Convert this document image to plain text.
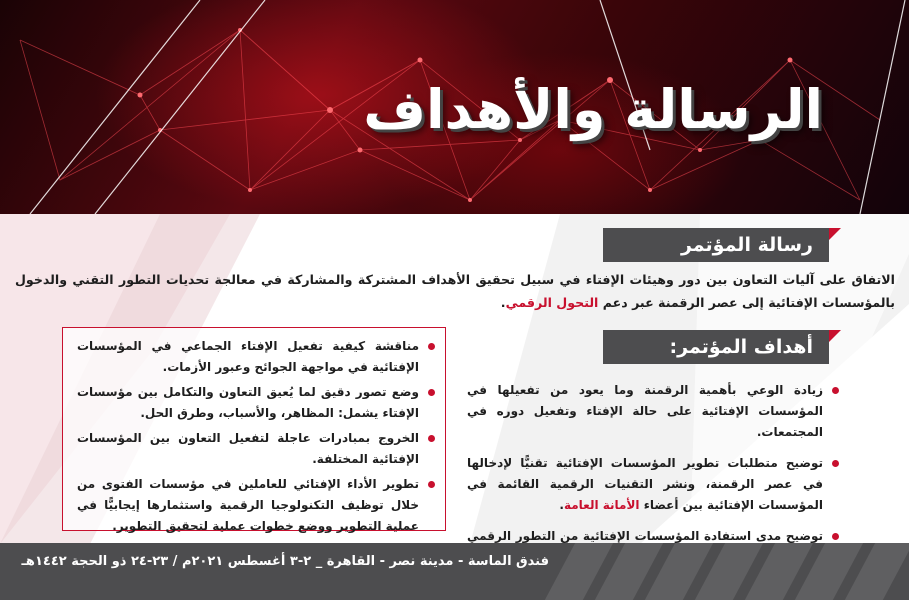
الرسالة والأهداف
رسالة المؤتمر

الاتفاق على آليات التعاون بين دور وهيئات الإفتاء في سبيل تحقيق الأهداف المشتركة والمشاركة في معالجة تحديات التطور التقني والدخول بالمؤسسات الإفتائية إلى عصر الرقمنة عبر دعم التحول الرقمي.

أهداف المؤتمر:
زيادة الوعي بأهمية الرقمنة وما يعود من تفعيلها في المؤسسات الإفتائية على حالة الإفتاء وتفعيل دوره في المجتمعات.
توضيح متطلبات تطوير المؤسسات الإفتائية تقنيًّا لإدخالها في عصر الرقمنة، ونشر التقنيات الرقمية القائمة في المؤسسات الإفتائية بين أعضاء الأمانة العامة.
توضيح مدى استفادة المؤسسات الإفتائية من التطور الرقمي
مناقشة كيفية تفعيل الإفتاء الجماعي في المؤسسات الإفتائية في مواجهة الجوائح وعبور الأزمات.
وضع تصور دقيق لما يُعيق التعاون والتكامل بين مؤسسات الإفتاء يشمل: المظاهر، والأسباب، وطرق الحل.
الخروج بمبادرات عاجلة لتفعيل التعاون بين المؤسسات الإفتائية المختلفة.
تطوير الأداء الإفتائي للعاملين في مؤسسات الفتوى من خلال توظيف التكنولوجيا الرقمية واستثمارها إيجابيًّا في عملية التطوير ووضع خطوات عملية لتحقيق التطوير.
فندق الماسة - مدينة نصر - القاهرة _ ٢-٣ أغسطس ٢٠٢١م / ٢٣-٢٤ ذو الحجة ١٤٤٢هـ
